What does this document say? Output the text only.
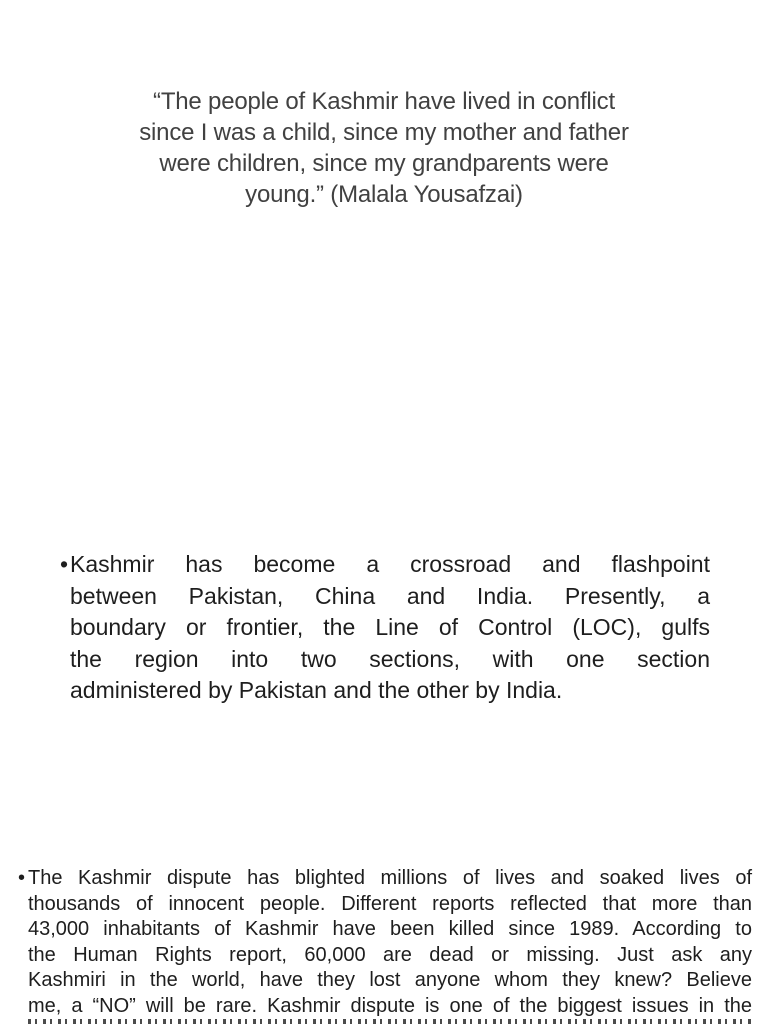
“The people of Kashmir have lived in conflict
since I was a child, since my mother and father
were children, since my grandparents were
young.” (Malala Yousafzai)
• Kashmir has become a crossroad and flashpoint
between Pakistan, China and India. Presently, a
boundary or frontier, the Line of Control (LOC), gulfs
the region into two sections, with one section
administered by Pakistan and the other by India.
• The Kashmir dispute has blighted millions of lives and soaked lives of
thousands of innocent people. Different reports reflected that more than
43,000 inhabitants of Kashmir have been killed since 1989. According to
the Human Rights report, 60,000 are dead or missing. Just ask any
Kashmiri in the world, have they lost anyone whom they knew? Believe
me, a “NO” will be rare. Kashmir dispute is one of the biggest issues in the
